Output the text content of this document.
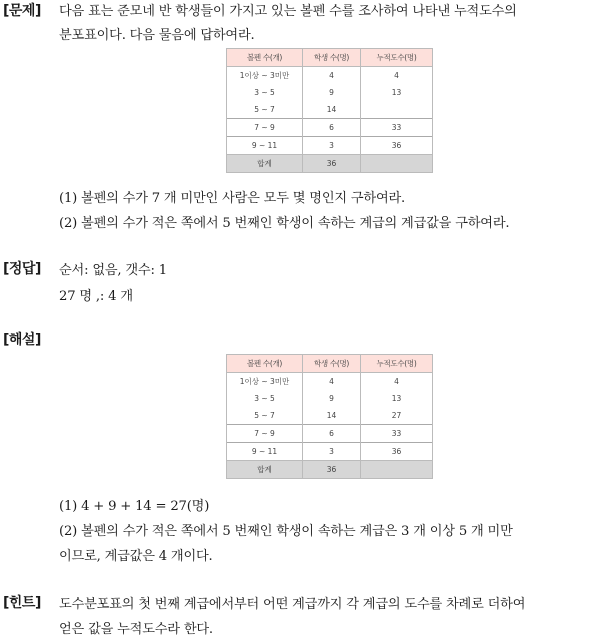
[문제] 다음 표는 준모네 반 학생들이 가지고 있는 볼펜 수를 조사하여 나타낸 누적도수의
분포표이다. 다음 물음에 답하여라.
볼펜 수(개)	학생 수(명)	누적도수(명)
1이상 ~ 3미만	4	4
3 ~ 5	9	13
5 ~ 7	14	
7 ~ 9	6	33
9 ~ 11	3	36
합계	36	
(1) 볼펜의 수가 7 개 미만인 사람은 모두 몇 명인지 구하여라.
(2) 볼펜의 수가 적은 쪽에서 5 번째인 학생이 속하는 계급의 계급값을 구하여라.
[정답] 순서: 없음, 갯수: 1
27 명 ,: 4 개
[해설]
볼펜 수(개)	학생 수(명)	누적도수(명)
1이상 ~ 3미만	4	4
3 ~ 5	9	13
5 ~ 7	14	27
7 ~ 9	6	33
9 ~ 11	3	36
합계	36	
(1) 4 + 9 + 14 = 27(명)
(2) 볼펜의 수가 적은 쪽에서 5 번째인 학생이 속하는 계급은 3 개 이상 5 개 미만
이므로, 계급값은 4 개이다.
[힌트] 도수분포표의 첫 번째 계급에서부터 어떤 계급까지 각 계급의 도수를 차례로 더하여
얻은 값을 누적도수라 한다.
